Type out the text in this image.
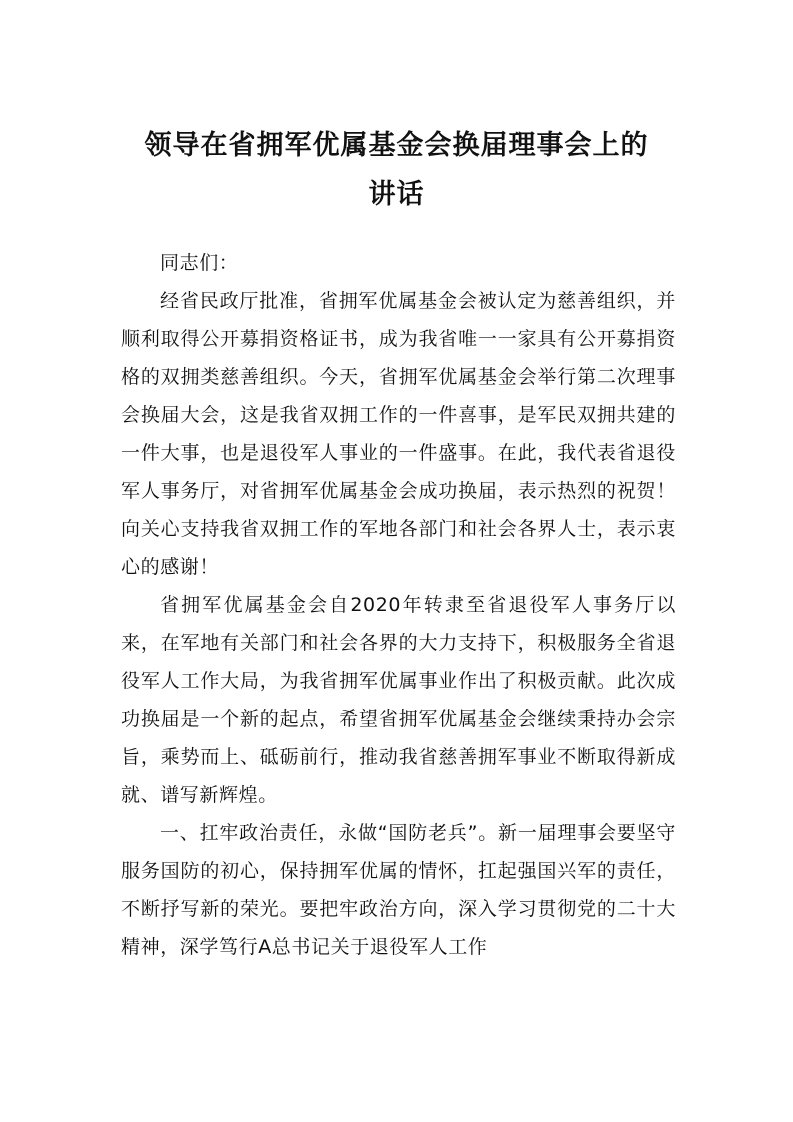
领导在省拥军优属基金会换届理事会上的
讲话

同志们：

经省民政厅批准，省拥军优属基金会被认定为慈善组织，并顺利取得公开募捐资格证书，成为我省唯一一家具有公开募捐资格的双拥类慈善组织。今天，省拥军优属基金会举行第二次理事会换届大会，这是我省双拥工作的一件喜事，是军民双拥共建的一件大事，也是退役军人事业的一件盛事。在此，我代表省退役军人事务厅，对省拥军优属基金会成功换届，表示热烈的祝贺！向关心支持我省双拥工作的军地各部门和社会各界人士，表示衷心的感谢！

省拥军优属基金会自2020年转隶至省退役军人事务厅以来，在军地有关部门和社会各界的大力支持下，积极服务全省退役军人工作大局，为我省拥军优属事业作出了积极贡献。此次成功换届是一个新的起点，希望省拥军优属基金会继续秉持办会宗旨，乘势而上、砥砺前行，推动我省慈善拥军事业不断取得新成就、谱写新辉煌。

一、扛牢政治责任，永做“国防老兵”。新一届理事会要坚守服务国防的初心，保持拥军优属的情怀，扛起强国兴军的责任，不断抒写新的荣光。要把牢政治方向，深入学习贯彻党的二十大精神，深学笃行A总书记关于退役军人工作
